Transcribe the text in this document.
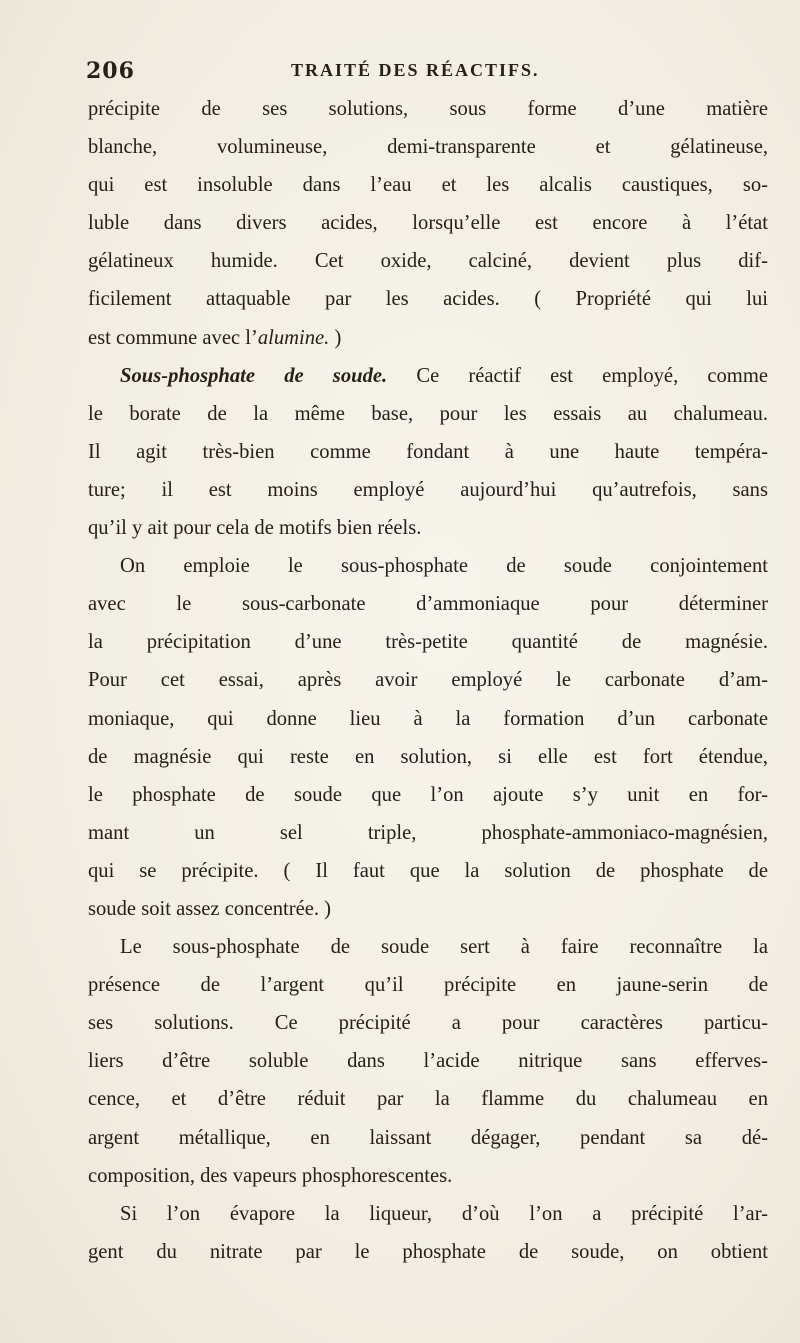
206	TRAITÉ DES RÉACTIFS.
précipite de ses solutions, sous forme d’une matière
blanche, volumineuse, demi-transparente et gélatineuse,
qui est insoluble dans l’eau et les alcalis caustiques, so-
luble dans divers acides, lorsqu’elle est encore à l’état
gélatineux humide. Cet oxide, calciné, devient plus dif-
ficilement attaquable par les acides. ( Propriété qui lui
est commune avec l’alumine. )
Sous-phosphate de soude. Ce réactif est employé, comme
le borate de la même base, pour les essais au chalumeau.
Il agit très-bien comme fondant à une haute tempéra-
ture; il est moins employé aujourd’hui qu’autrefois, sans
qu’il y ait pour cela de motifs bien réels.
On emploie le sous-phosphate de soude conjointement
avec le sous-carbonate d’ammoniaque pour déterminer
la précipitation d’une très-petite quantité de magnésie.
Pour cet essai, après avoir employé le carbonate d’am-
moniaque, qui donne lieu à la formation d’un carbonate
de magnésie qui reste en solution, si elle est fort étendue,
le phosphate de soude que l’on ajoute s’y unit en for-
mant un sel triple, phosphate-ammoniaco-magnésien,
qui se précipite. ( Il faut que la solution de phosphate de
soude soit assez concentrée. )
Le sous-phosphate de soude sert à faire reconnaître la
présence de l’argent qu’il précipite en jaune-serin de
ses solutions. Ce précipité a pour caractères particu-
liers d’être soluble dans l’acide nitrique sans efferves-
cence, et d’être réduit par la flamme du chalumeau en
argent métallique, en laissant dégager, pendant sa dé-
composition, des vapeurs phosphorescentes.
Si l’on évapore la liqueur, d’où l’on a précipité l’ar-
gent du nitrate par le phosphate de soude, on obtient
